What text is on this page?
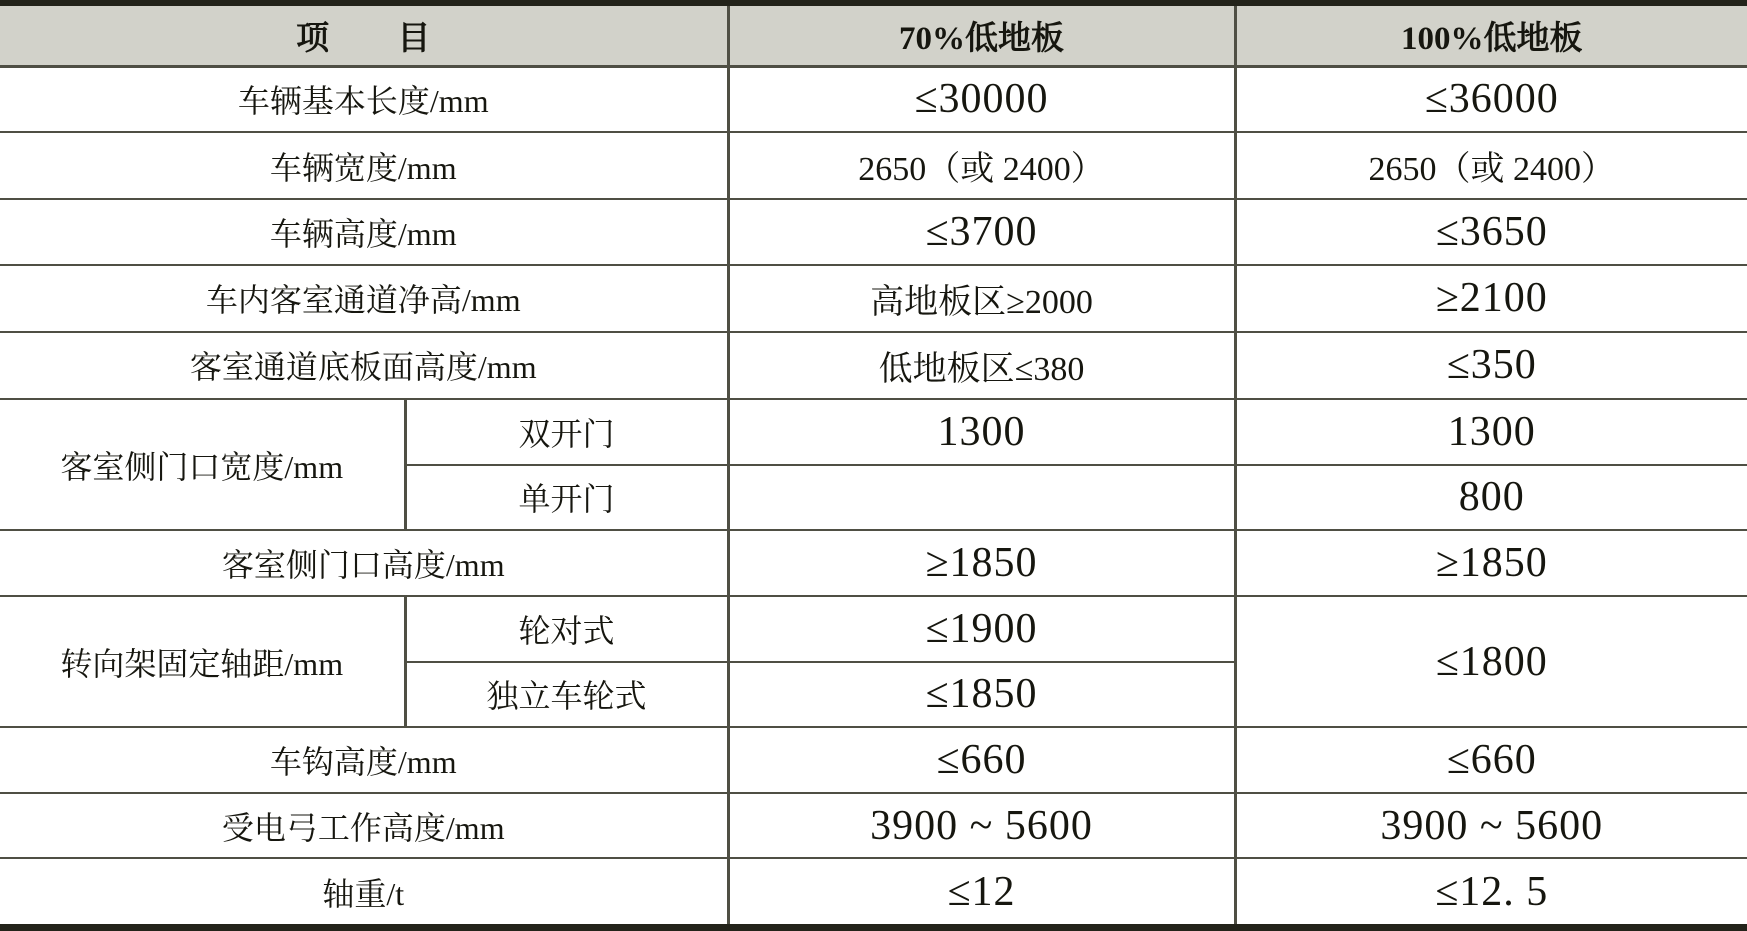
项 目		70%低地板	100%低地板
车辆基本长度/mm		≤30000	≤36000
车辆宽度/mm		2650（或 2400）	2650（或 2400）
车辆高度/mm		≤3700	≤3650
车内客室通道净高/mm		高地板区≥2000	≥2100
客室通道底板面高度/mm		低地板区≤380	≤350
客室侧门口宽度/mm	双开门	1300	1300
	单开门		800
客室侧门口高度/mm		≥1850	≥1850
转向架固定轴距/mm	轮对式	≤1900	≤1800
	独立车轮式	≤1850	
车钩高度/mm		≤660	≤660
受电弓工作高度/mm		3900 ~ 5600	3900 ~ 5600
轴重/t		≤12	≤12. 5
